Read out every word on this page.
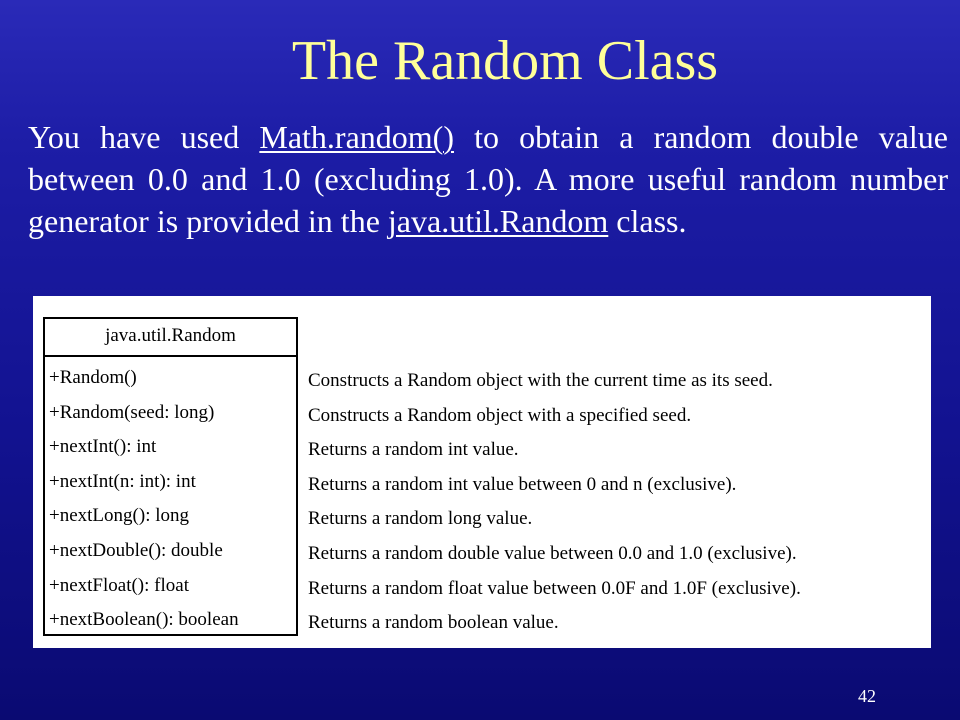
The Random Class
You have used Math.random() to obtain a random double value between 0.0 and 1.0 (excluding 1.0). A more useful random number generator is provided in the java.util.Random class.
java.util.Random
+Random()
+Random(seed: long)
+nextInt(): int
+nextInt(n: int): int
+nextLong(): long
+nextDouble(): double
+nextFloat(): float
+nextBoolean(): boolean
Constructs a Random object with the current time as its seed.
Constructs a Random object with a specified seed.
Returns a random int value.
Returns a random int value between 0 and n (exclusive).
Returns a random long value.
Returns a random double value between 0.0 and 1.0 (exclusive).
Returns a random float value between 0.0F and 1.0F (exclusive).
Returns a random boolean value.
42
